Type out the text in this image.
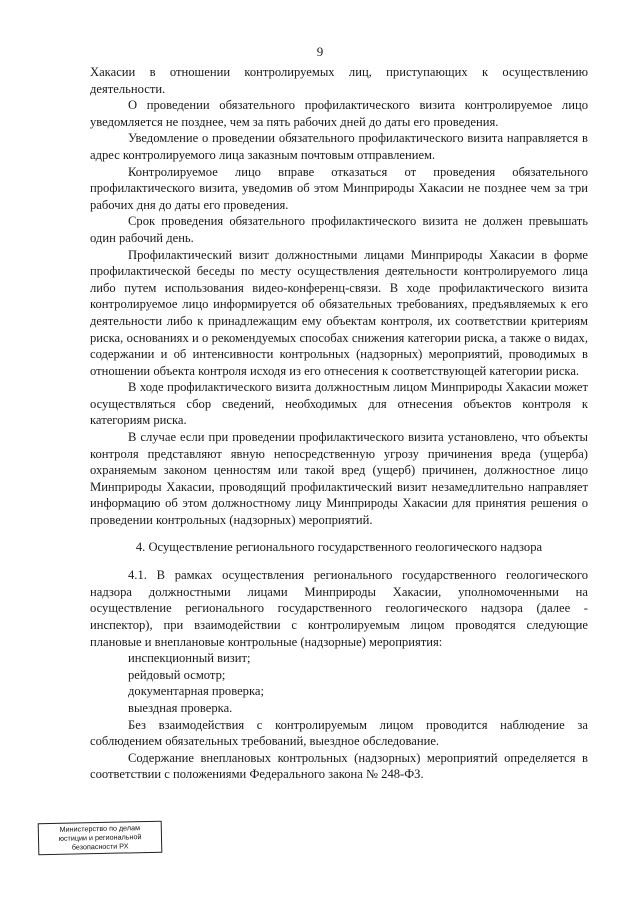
9

Хакасии в отношении контролируемых лиц, приступающих к осуществлению деятельности.

О проведении обязательного профилактического визита контролируемое лицо уведомляется не позднее, чем за пять рабочих дней до даты его проведения.

Уведомление о проведении обязательного профилактического визита направляется в адрес контролируемого лица заказным почтовым отправлением.

Контролируемое лицо вправе отказаться от проведения обязательного профилактического визита, уведомив об этом Минприроды Хакасии не позднее чем за три рабочих дня до даты его проведения.

Срок проведения обязательного профилактического визита не должен превышать один рабочий день.

Профилактический визит должностными лицами Минприроды Хакасии в форме профилактической беседы по месту осуществления деятельности контролируемого лица либо путем использования видео-конференц-связи. В ходе профилактического визита контролируемое лицо информируется об обязательных требованиях, предъявляемых к его деятельности либо к принадлежащим ему объектам контроля, их соответствии критериям риска, основаниях и о рекомендуемых способах снижения категории риска, а также о видах, содержании и об интенсивности контрольных (надзорных) мероприятий, проводимых в отношении объекта контроля исходя из его отнесения к соответствующей категории риска.

В ходе профилактического визита должностным лицом Минприроды Хакасии может осуществляться сбор сведений, необходимых для отнесения объектов контроля к категориям риска.

В случае если при проведении профилактического визита установлено, что объекты контроля представляют явную непосредственную угрозу причинения вреда (ущерба) охраняемым законом ценностям или такой вред (ущерб) причинен, должностное лицо Минприроды Хакасии, проводящий профилактический визит незамедлительно направляет информацию об этом должностному лицу Минприроды Хакасии для принятия решения о проведении контрольных (надзорных) мероприятий.

4. Осуществление регионального государственного геологического надзора

4.1. В рамках осуществления регионального государственного геологического надзора должностными лицами Минприроды Хакасии, уполномоченными на осуществление регионального государственного геологического надзора (далее - инспектор), при взаимодействии с контролируемым лицом проводятся следующие плановые и внеплановые контрольные (надзорные) мероприятия:

инспекционный визит;

рейдовый осмотр;

документарная проверка;

выездная проверка.

Без взаимодействия с контролируемым лицом проводится наблюдение за соблюдением обязательных требований, выездное обследование.

Содержание внеплановых контрольных (надзорных) мероприятий определяется в соответствии с положениями Федерального закона № 248-ФЗ.

Министерство по делам
юстиции и региональной
безопасности РХ
